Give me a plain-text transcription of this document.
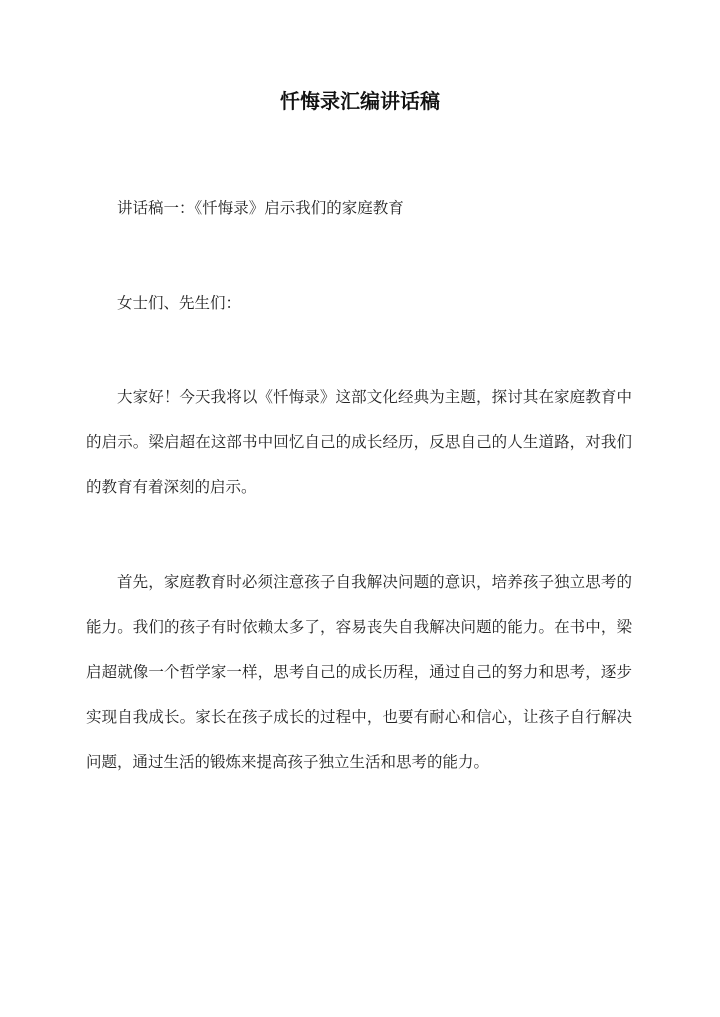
忏悔录汇编讲话稿

讲话稿一：《忏悔录》启示我们的家庭教育

女士们、先生们：

大家好！今天我将以《忏悔录》这部文化经典为主题，探讨其在家庭教育中的启示。梁启超在这部书中回忆自己的成长经历，反思自己的人生道路，对我们的教育有着深刻的启示。

首先，家庭教育时必须注意孩子自我解决问题的意识，培养孩子独立思考的能力。我们的孩子有时依赖太多了，容易丧失自我解决问题的能力。在书中，梁启超就像一个哲学家一样，思考自己的成长历程，通过自己的努力和思考，逐步实现自我成长。家长在孩子成长的过程中，也要有耐心和信心，让孩子自行解决问题，通过生活的锻炼来提高孩子独立生活和思考的能力。
